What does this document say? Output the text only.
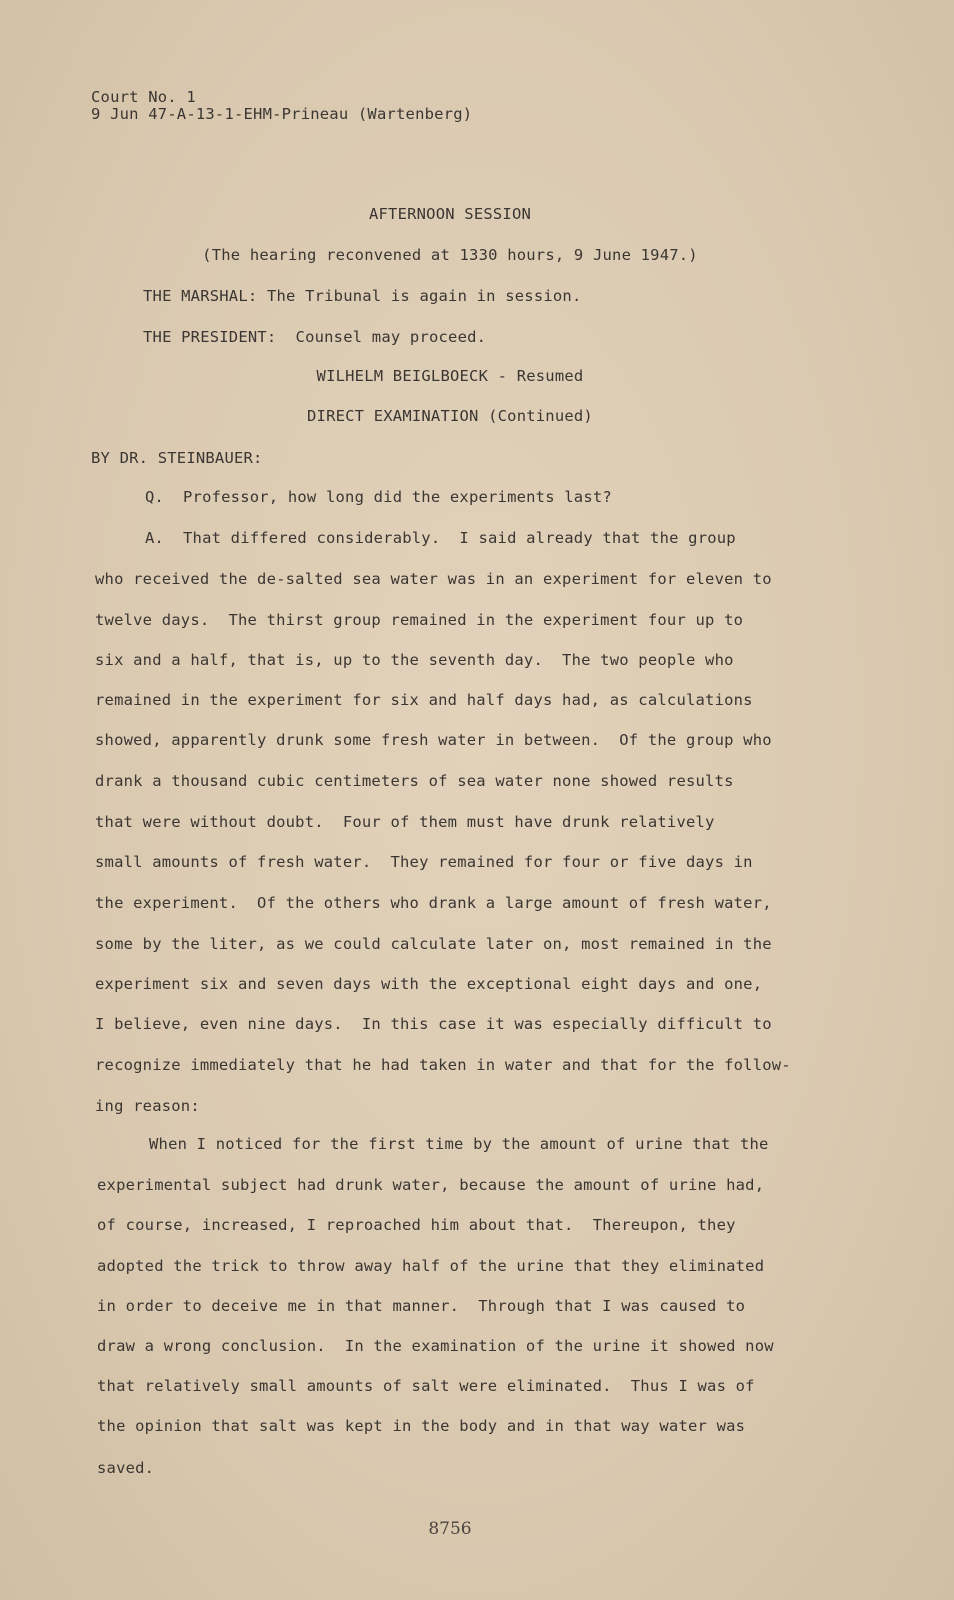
Court No. 1
9 Jun 47-A-13-1-EHM-Prineau (Wartenberg)
AFTERNOON SESSION
(The hearing reconvened at 1330 hours, 9 June 1947.)
THE MARSHAL: The Tribunal is again in session.
THE PRESIDENT: Counsel may proceed.
WILHELM BEIGLBOECK - Resumed
DIRECT EXAMINATION (Continued)
BY DR. STEINBAUER:
Q. Professor, how long did the experiments last?
A. That differed considerably.  I said already that the group
who received the de-salted sea water was in an experiment for eleven to
twelve days.  The thirst group remained in the experiment four up to
six and a half, that is, up to the seventh day.  The two people who
remained in the experiment for six and half days had, as calculations
showed, apparently drunk some fresh water in between.  Of the group who
drank a thousand cubic centimeters of sea water none showed results
that were without doubt.  Four of them must have drunk relatively
small amounts of fresh water.  They remained for four or five days in
the experiment.  Of the others who drank a large amount of fresh water,
some by the liter, as we could calculate later on, most remained in the
experiment six and seven days with the exceptional eight days and one,
I believe, even nine days.  In this case it was especially difficult to
recognize immediately that he had taken in water and that for the follow-
ing reason:
When I noticed for the first time by the amount of urine that the
experimental subject had drunk water, because the amount of urine had,
of course, increased, I reproached him about that.  Thereupon, they
adopted the trick to throw away half of the urine that they eliminated
in order to deceive me in that manner.  Through that I was caused to
draw a wrong conclusion.  In the examination of the urine it showed now
that relatively small amounts of salt were eliminated.  Thus I was of
the opinion that salt was kept in the body and in that way water was
saved.
8756
